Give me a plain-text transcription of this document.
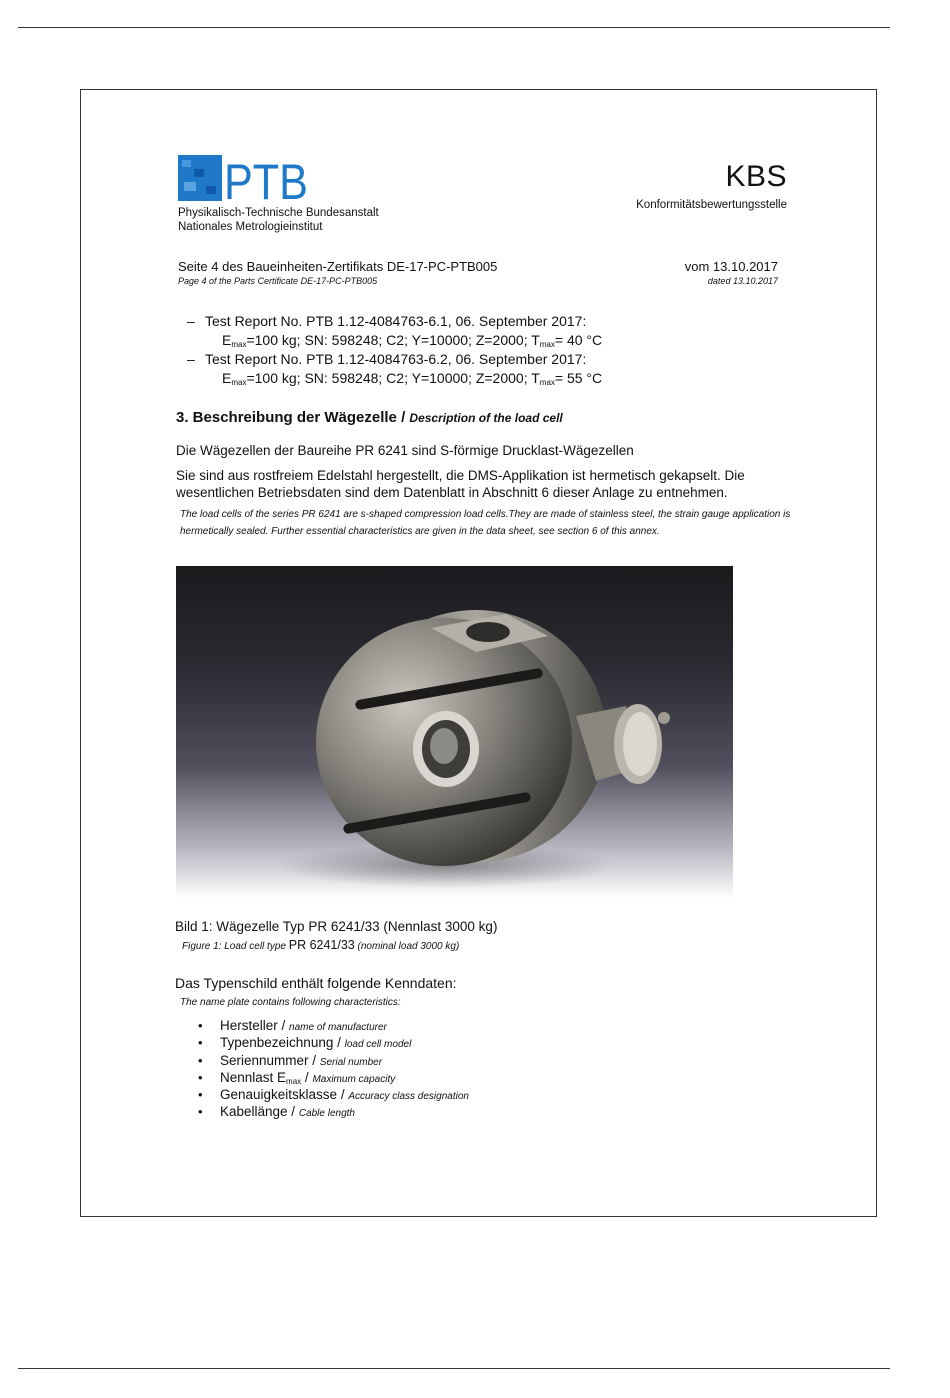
PTB
Physikalisch-Technische Bundesanstalt
Nationales Metrologieinstitut
KBS
Konformitätsbewertungsstelle
Seite 4 des Baueinheiten-Zertifikats DE-17-PC-PTB005
Page 4 of the Parts Certificate DE-17-PC-PTB005
vom 13.10.2017
dated 13.10.2017
– Test Report No. PTB 1.12-4084763-6.1, 06. September 2017:
$E_{max}=100$ kg; SN: 598248; C2; Y=10000; Z=2000; $T_{max}= 40$ °C
– Test Report No. PTB 1.12-4084763-6.2, 06. September 2017:
$E_{max}=100$ kg; SN: 598248; C2; Y=10000; Z=2000; $T_{max}= 55$ °C
3. Beschreibung der Wägezelle / Description of the load cell
Die Wägezellen der Baureihe PR 6241 sind S-förmige Drucklast-Wägezellen
Sie sind aus rostfreiem Edelstahl hergestellt, die DMS-Applikation ist hermetisch gekapselt. Die wesentlichen Betriebsdaten sind dem Datenblatt in Abschnitt 6 dieser Anlage zu entnehmen.
The load cells of the series PR 6241 are s-shaped compression load cells.They are made of stainless steel, the strain gauge application is hermetically sealed. Further essential characteristics are given in the data sheet, see section 6 of this annex.
Bild 1: Wägezelle Typ PR 6241/33 (Nennlast 3000 kg)
Figure 1: Load cell type PR 6241/33 (nominal load 3000 kg)
Das Typenschild enthält folgende Kenndaten:
The name plate contains following characteristics:
• Hersteller / name of manufacturer
• Typenbezeichnung / load cell model
• Seriennummer / Serial number
• Nennlast $E_{max}$ / Maximum capacity
• Genauigkeitsklasse / Accuracy class designation
• Kabellänge / Cable length
